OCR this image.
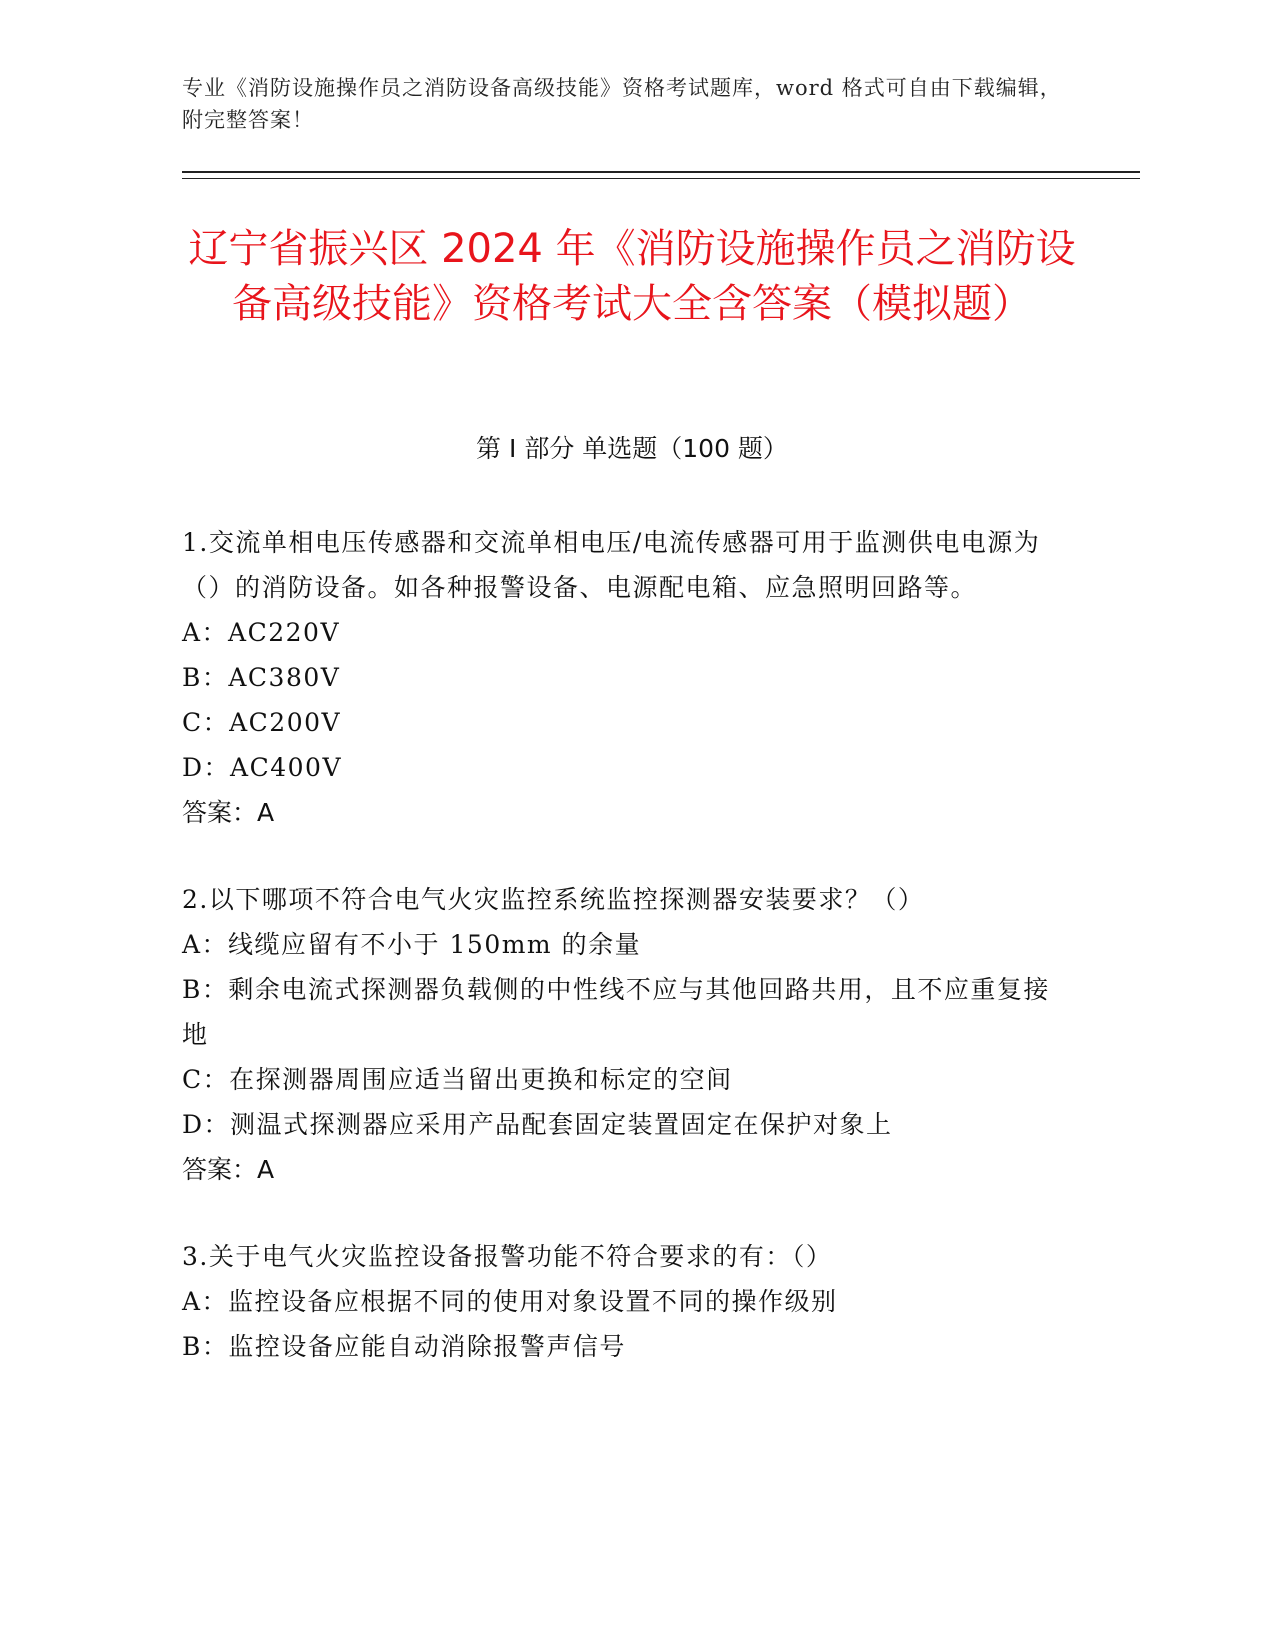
专业《消防设施操作员之消防设备高级技能》资格考试题库，word 格式可自由下载编辑，附完整答案！
辽宁省振兴区 2024 年《消防设施操作员之消防设备高级技能》资格考试大全含答案（模拟题）
第 I 部分 单选题（100 题）

1.交流单相电压传感器和交流单相电压/电流传感器可用于监测供电电源为（）的消防设备。如各种报警设备、电源配电箱、应急照明回路等。

A：AC220V

B：AC380V

C：AC200V

D：AC400V

答案：A

2.以下哪项不符合电气火灾监控系统监控探测器安装要求？（）

A：线缆应留有不小于 150mm 的余量

B：剩余电流式探测器负载侧的中性线不应与其他回路共用，且不应重复接地

C：在探测器周围应适当留出更换和标定的空间

D：测温式探测器应采用产品配套固定装置固定在保护对象上

答案：A

3.关于电气火灾监控设备报警功能不符合要求的有：（）

A：监控设备应根据不同的使用对象设置不同的操作级别

B：监控设备应能自动消除报警声信号
